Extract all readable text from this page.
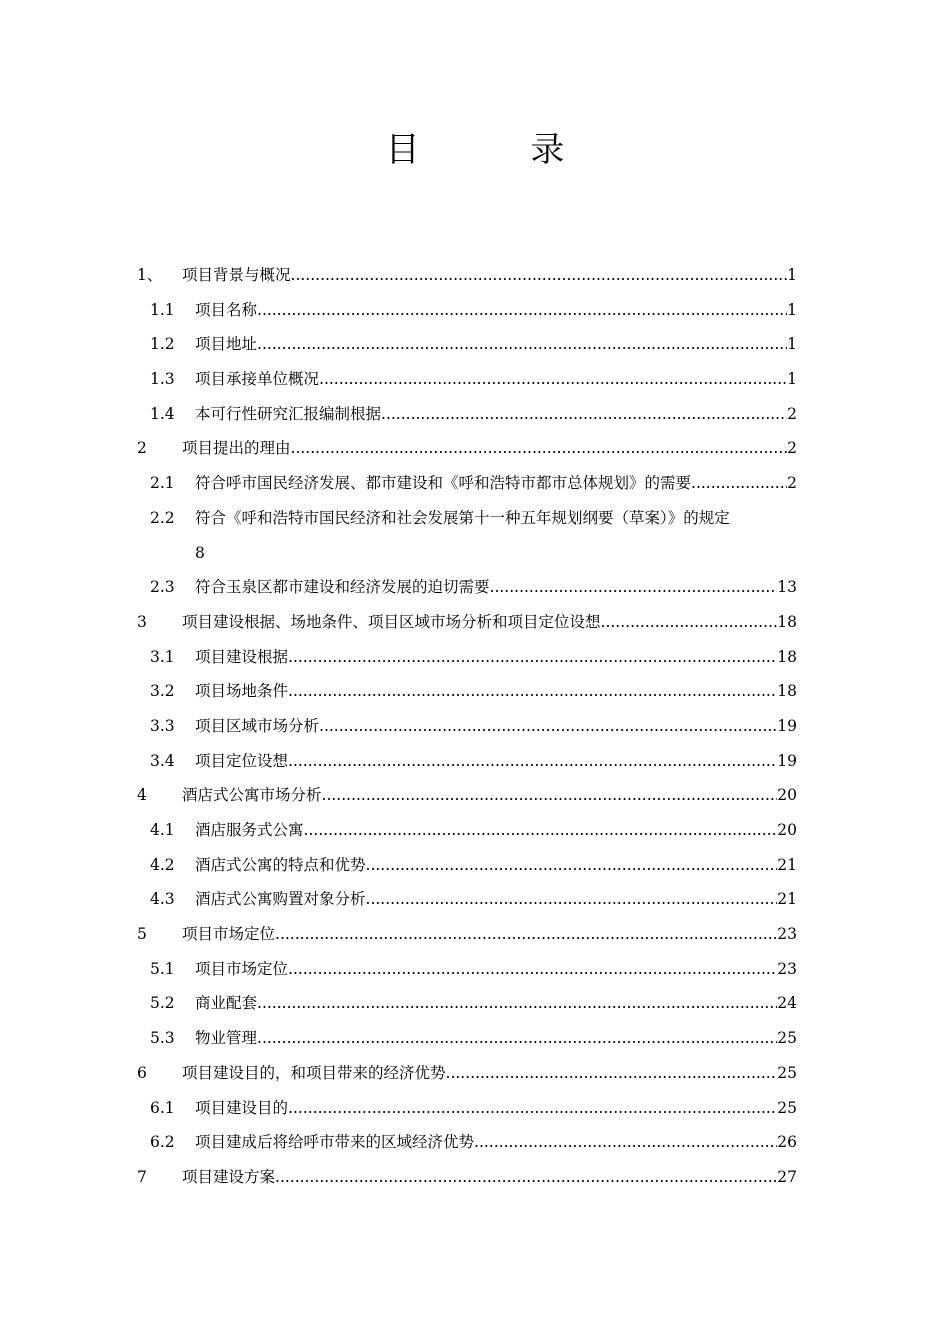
目 录
1、 项目背景与概况 .....	1
1.1 项目名称 .....	1
1.2 项目地址 .....	1
1.3 项目承接单位概况 .....	1
1.4 本可行性研究汇报编制根据 .....	2
2 项目提出的理由 .....	2
2.1 符合呼市国民经济发展、都市建设和《呼和浩特市都市总体规划》的需要 .....	2
2.2 符合《呼和浩特市国民经济和社会发展第十一种五年规划纲要（草案）》的规定
8
2.3 符合玉泉区都市建设和经济发展的迫切需要 .....	13
3 项目建设根据、场地条件、项目区域市场分析和项目定位设想 .....	18
3.1 项目建设根据 .....	18
3.2 项目场地条件 .....	18
3.3 项目区域市场分析 .....	19
3.4 项目定位设想 .....	19
4 酒店式公寓市场分析 .....	20
4.1 酒店服务式公寓 .....	20
4.2 酒店式公寓的特点和优势 .....	21
4.3 酒店式公寓购置对象分析 .....	21
5 项目市场定位 .....	23
5.1 项目市场定位 .....	23
5.2 商业配套 .....	24
5.3 物业管理 .....	25
6 项目建设目的，和项目带来的经济优势 .....	25
6.1 项目建设目的 .....	25
6.2 项目建成后将给呼市带来的区域经济优势 .....	26
7 项目建设方案 .....	27
